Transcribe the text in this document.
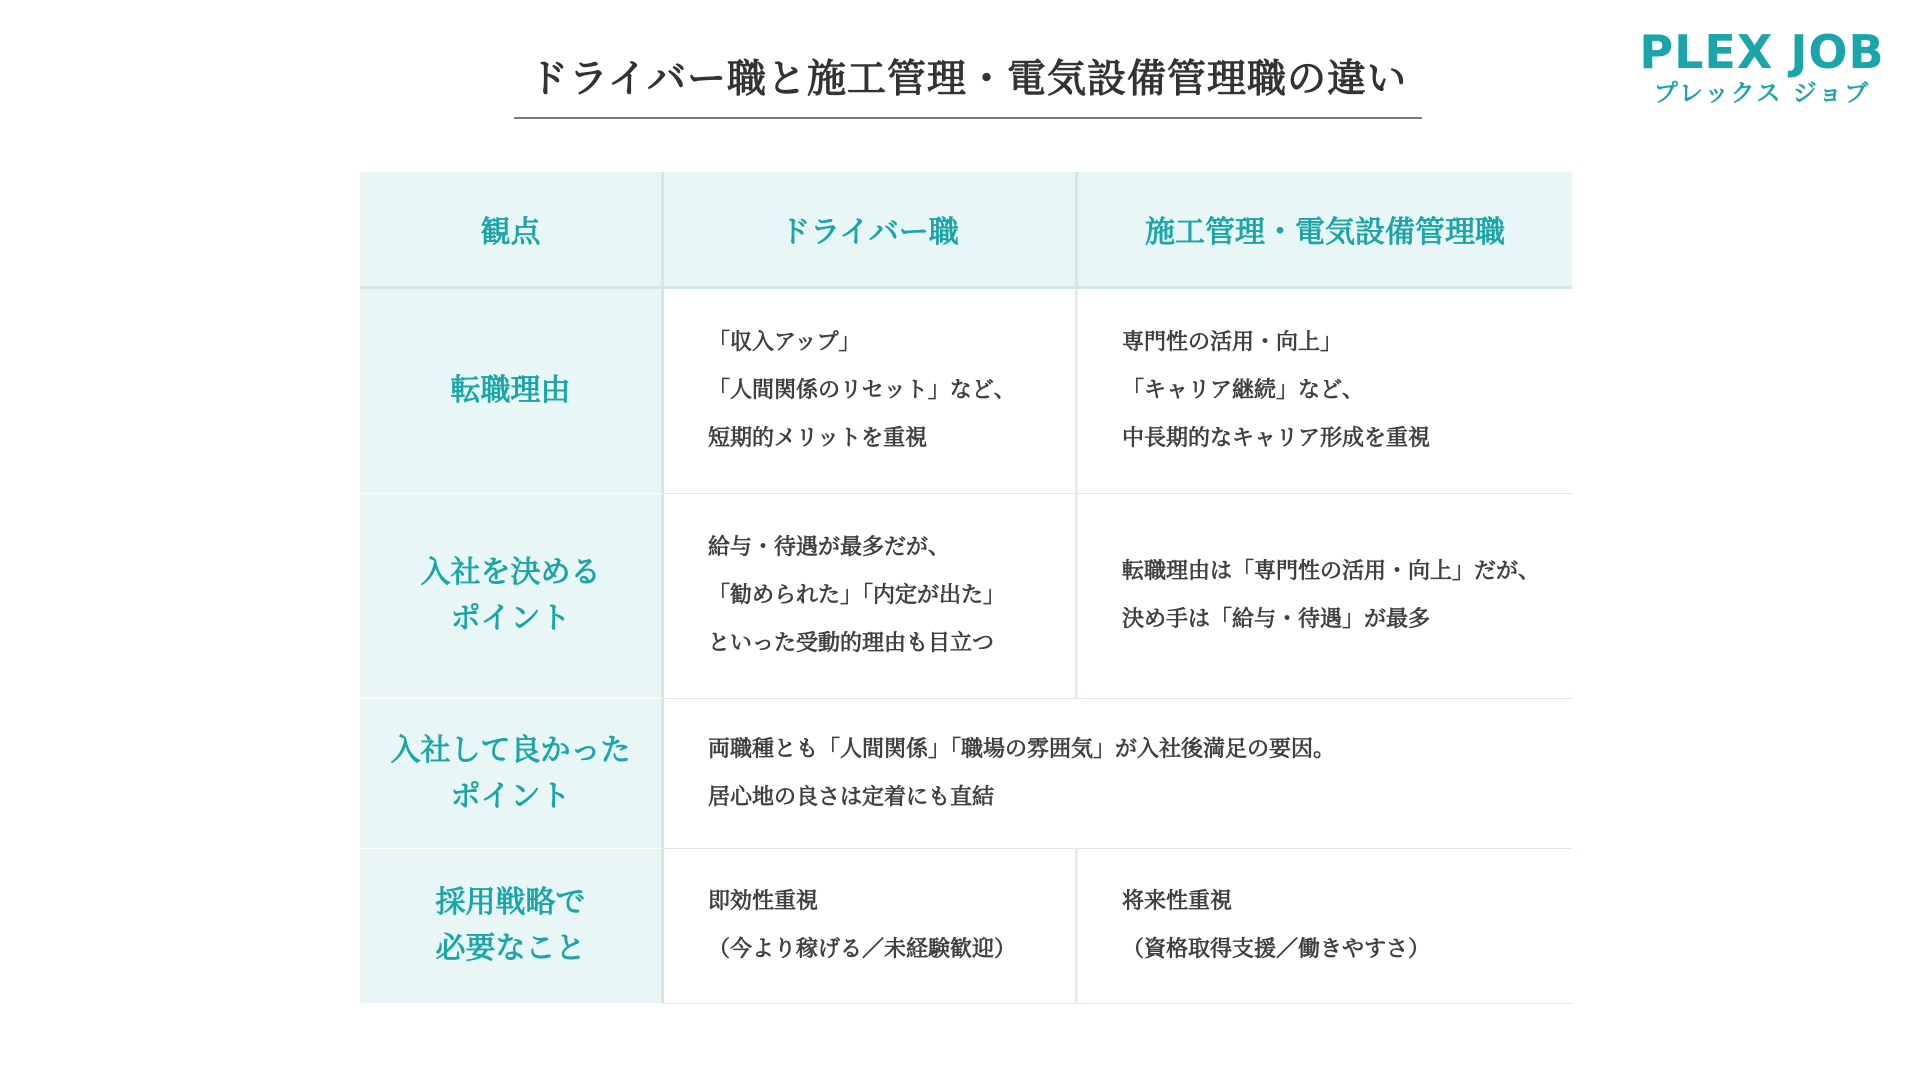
ドライバー職と施工管理・電気設備管理職の違い
PLEX JOB
プレックス ジョブ
観点	ドライバー職	施工管理・電気設備管理職
転職理由
「収入アップ」
「人間関係のリセット」など、
短期的メリットを重視
専門性の活用・向上」
「キャリア継続」など、
中長期的なキャリア形成を重視
入社を決める
ポイント
給与・待遇が最多だが、
「勧められた」「内定が出た」
といった受動的理由も目立つ
転職理由は「専門性の活用・向上」だが、
決め手は「給与・待遇」が最多
入社して良かった
ポイント
両職種とも「人間関係」「職場の雰囲気」が入社後満足の要因。
居心地の良さは定着にも直結
採用戦略で
必要なこと
即効性重視
（今より稼げる／未経験歓迎）
将来性重視
（資格取得支援／働きやすさ）
